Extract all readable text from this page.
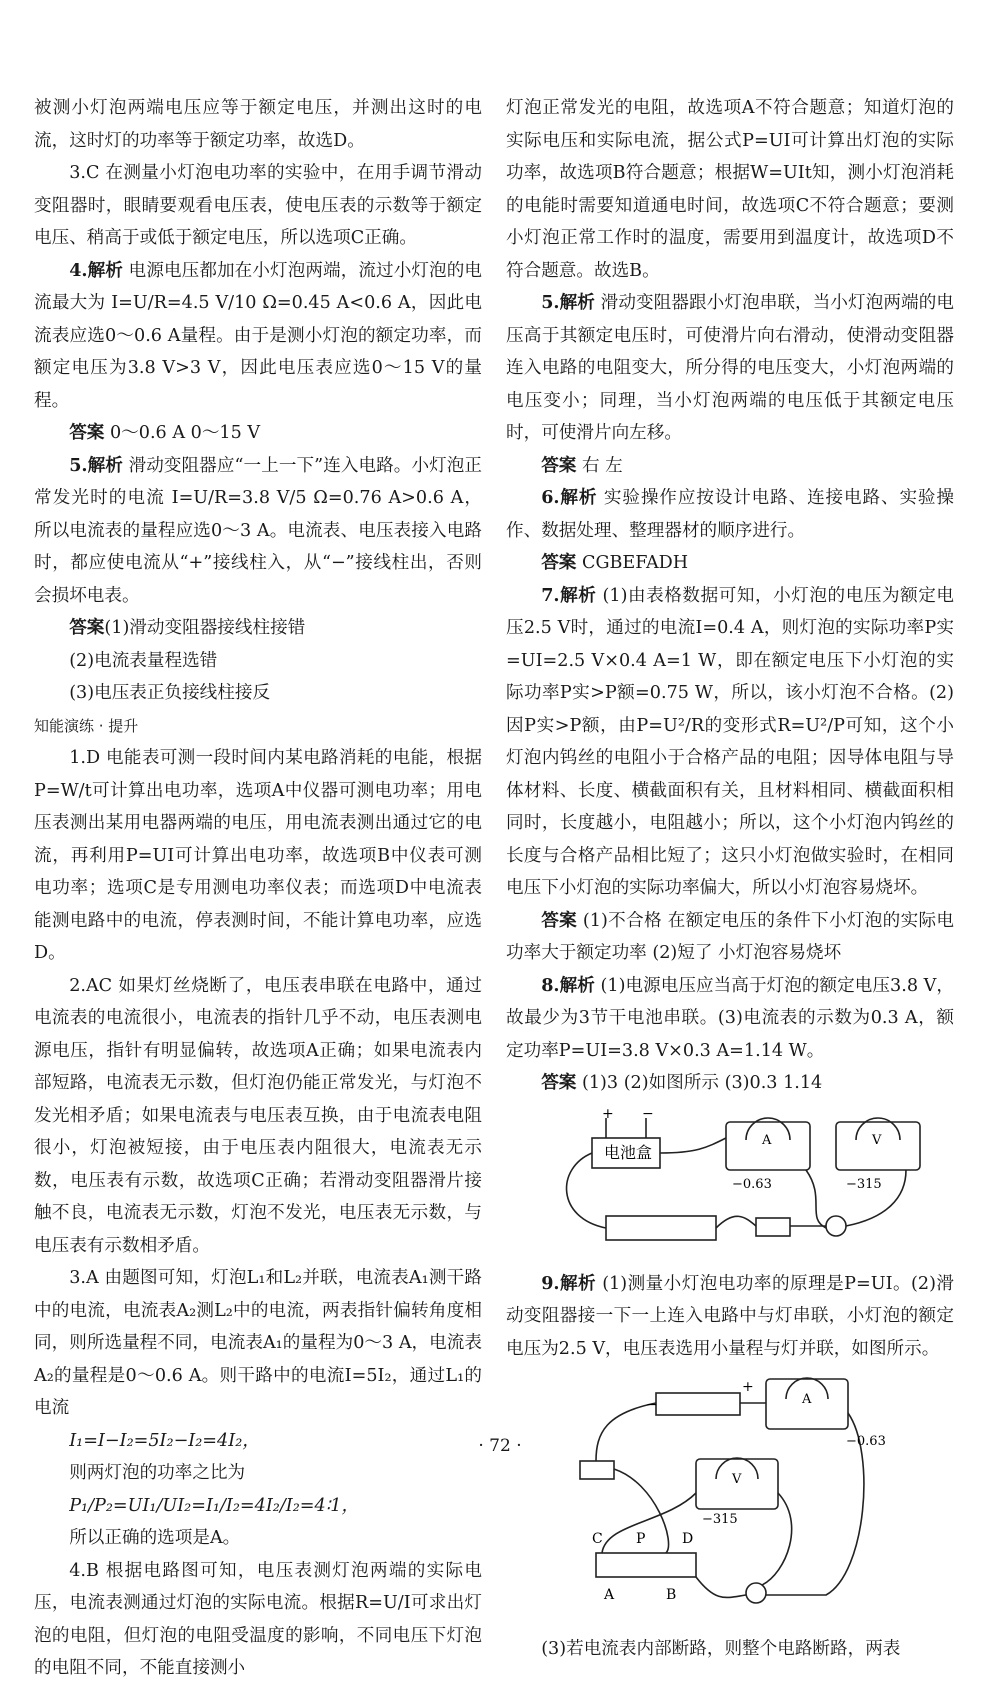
被测小灯泡两端电压应等于额定电压，并测出这时的电流，这时灯的功率等于额定功率，故选D。

3.C 在测量小灯泡电功率的实验中，在用手调节滑动变阻器时，眼睛要观看电压表，使电压表的示数等于额定电压、稍高于或低于额定电压，所以选项C正确。

4.解析 电源电压都加在小灯泡两端，流过小灯泡的电流最大为 I=U/R=4.5 V/10 Ω=0.45 A<0.6 A，因此电流表应选0～0.6 A量程。由于是测小灯泡的额定功率，而额定电压为3.8 V>3 V，因此电压表应选0～15 V的量程。

答案 0～0.6 A 0～15 V

5.解析 滑动变阻器应“一上一下”连入电路。小灯泡正常发光时的电流 I=U/R=3.8 V/5 Ω=0.76 A>0.6 A，所以电流表的量程应选0～3 A。电流表、电压表接入电路时，都应使电流从“+”接线柱入，从“−”接线柱出，否则会损坏电表。

答案(1)滑动变阻器接线柱接错

(2)电流表量程选错

(3)电压表正负接线柱接反

知能演练 · 提升

1.D 电能表可测一段时间内某电路消耗的电能，根据P=W/t可计算出电功率，选项A中仪器可测电功率；用电压表测出某用电器两端的电压，用电流表测出通过它的电流，再利用P=UI可计算出电功率，故选项B中仪表可测电功率；选项C是专用测电功率仪表；而选项D中电流表能测电路中的电流，停表测时间，不能计算电功率，应选D。

2.AC 如果灯丝烧断了，电压表串联在电路中，通过电流表的电流很小，电流表的指针几乎不动，电压表测电源电压，指针有明显偏转，故选项A正确；如果电流表内部短路，电流表无示数，但灯泡仍能正常发光，与灯泡不发光相矛盾；如果电流表与电压表互换，由于电流表电阻很小，灯泡被短接，由于电压表内阻很大，电流表无示数，电压表有示数，故选项C正确；若滑动变阻器滑片接触不良，电流表无示数，灯泡不发光，电压表无示数，与电压表有示数相矛盾。

3.A 由题图可知，灯泡L₁和L₂并联，电流表A₁测干路中的电流，电流表A₂测L₂中的电流，两表指针偏转角度相同，则所选量程不同，电流表A₁的量程为0～3 A，电流表A₂的量程是0～0.6 A。则干路中的电流I=5I₂，通过L₁的电流

I₁=I−I₂=5I₂−I₂=4I₂，

则两灯泡的功率之比为

P₁/P₂=UI₁/UI₂=I₁/I₂=4I₂/I₂=4∶1，

所以正确的选项是A。

4.B 根据电路图可知，电压表测灯泡两端的实际电压，电流表测通过灯泡的实际电流。根据R=U/I可求出灯泡的电阻，但灯泡的电阻受温度的影响，不同电压下灯泡的电阻不同，不能直接测小

灯泡正常发光的电阻，故选项A不符合题意；知道灯泡的实际电压和实际电流，据公式P=UI可计算出灯泡的实际功率，故选项B符合题意；根据W=UIt知，测小灯泡消耗的电能时需要知道通电时间，故选项C不符合题意；要测小灯泡正常工作时的温度，需要用到温度计，故选项D不符合题意。故选B。

5.解析 滑动变阻器跟小灯泡串联，当小灯泡两端的电压高于其额定电压时，可使滑片向右滑动，使滑动变阻器连入电路的电阻变大，所分得的电压变大，小灯泡两端的电压变小；同理，当小灯泡两端的电压低于其额定电压时，可使滑片向左移。

答案 右 左

6.解析 实验操作应按设计电路、连接电路、实验操作、数据处理、整理器材的顺序进行。

答案 CGBEFADH

7.解析 (1)由表格数据可知，小灯泡的电压为额定电压2.5 V时，通过的电流I=0.4 A，则灯泡的实际功率P实=UI=2.5 V×0.4 A=1 W，即在额定电压下小灯泡的实际功率P实>P额=0.75 W，所以，该小灯泡不合格。(2)因P实>P额，由P=U²/R的变形式R=U²/P可知，这个小灯泡内钨丝的电阻小于合格产品的电阻；因导体电阻与导体材料、长度、横截面积有关，且材料相同、横截面积相同时，长度越小，电阻越小；所以，这个小灯泡内钨丝的长度与合格产品相比短了；这只小灯泡做实验时，在相同电压下小灯泡的实际功率偏大，所以小灯泡容易烧坏。

答案 (1)不合格 在额定电压的条件下小灯泡的实际电功率大于额定功率 (2)短了 小灯泡容易烧坏

8.解析 (1)电源电压应当高于灯泡的额定电压3.8 V，故最少为3节干电池串联。(3)电流表的示数为0.3 A，额定功率P=UI=3.8 V×0.3 A=1.14 W。

答案 (1)3 (2)如图所示 (3)0.3 1.14

电池盒
+ −
A	V
−0.63	−315

9.解析 (1)测量小灯泡电功率的原理是P=UI。(2)滑动变阻器接一下一上连入电路中与灯串联，小灯泡的额定电压为2.5 V，电压表选用小量程与灯并联，如图所示。

−
+
A
V
−0.63
−315
C P	D
A	B

(3)若电流表内部断路，则整个电路断路，两表

· 72 ·
